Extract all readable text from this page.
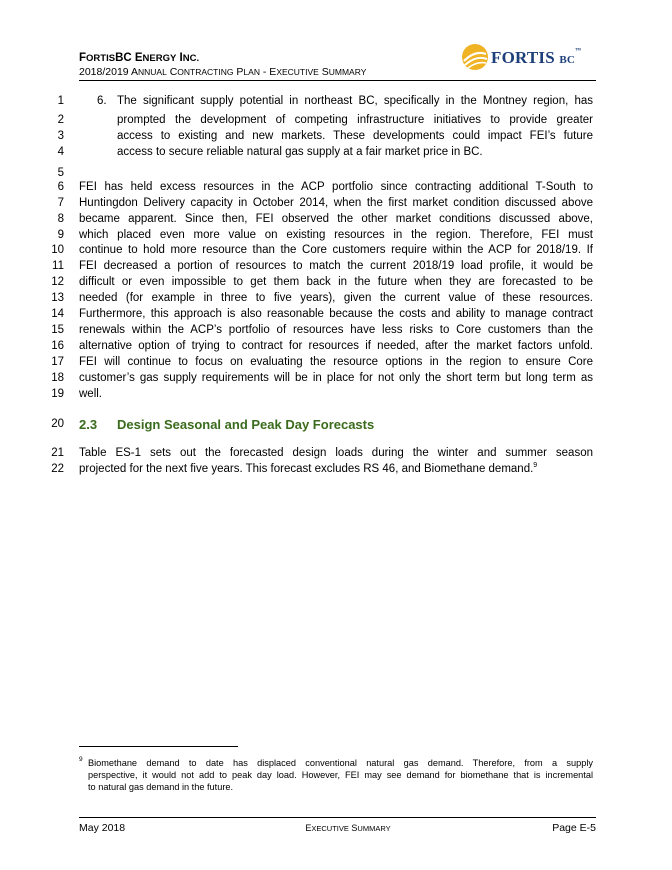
FORTISBC ENERGY INC.
2018/2019 ANNUAL CONTRACTING PLAN - EXECUTIVE SUMMARY
FORTIS BC™
1
2
3
4
5
6
7
8
9
10
11
12
13
14
15
16
17
18
19
20
21
22
6. The significant supply potential in northeast BC, specifically in the Montney region, has
prompted the development of competing infrastructure initiatives to provide greater
access to existing and new markets. These developments could impact FEI’s future
access to secure reliable natural gas supply at a fair market price in BC.
FEI has held excess resources in the ACP portfolio since contracting additional T-South to
Huntingdon Delivery capacity in October 2014, when the first market condition discussed above
became apparent. Since then, FEI observed the other market conditions discussed above,
which placed even more value on existing resources in the region. Therefore, FEI must
continue to hold more resource than the Core customers require within the ACP for 2018/19. If
FEI decreased a portion of resources to match the current 2018/19 load profile, it would be
difficult or even impossible to get them back in the future when they are forecasted to be
needed (for example in three to five years), given the current value of these resources.
Furthermore, this approach is also reasonable because the costs and ability to manage contract
renewals within the ACP’s portfolio of resources have less risks to Core customers than the
alternative option of trying to contract for resources if needed, after the market factors unfold.
FEI will continue to focus on evaluating the resource options in the region to ensure Core
customer’s gas supply requirements will be in place for not only the short term but long term as
well.
2.3 Design Seasonal and Peak Day Forecasts
Table ES-1 sets out the forecasted design loads during the winter and summer season
projected for the next five years. This forecast excludes RS 46, and Biomethane demand.$^9$
9 Biomethane demand to date has displaced conventional natural gas demand. Therefore, from a supply
perspective, it would not add to peak day load. However, FEI may see demand for biomethane that is incremental
to natural gas demand in the future.
May 2018	EXECUTIVE SUMMARY	Page E-5
